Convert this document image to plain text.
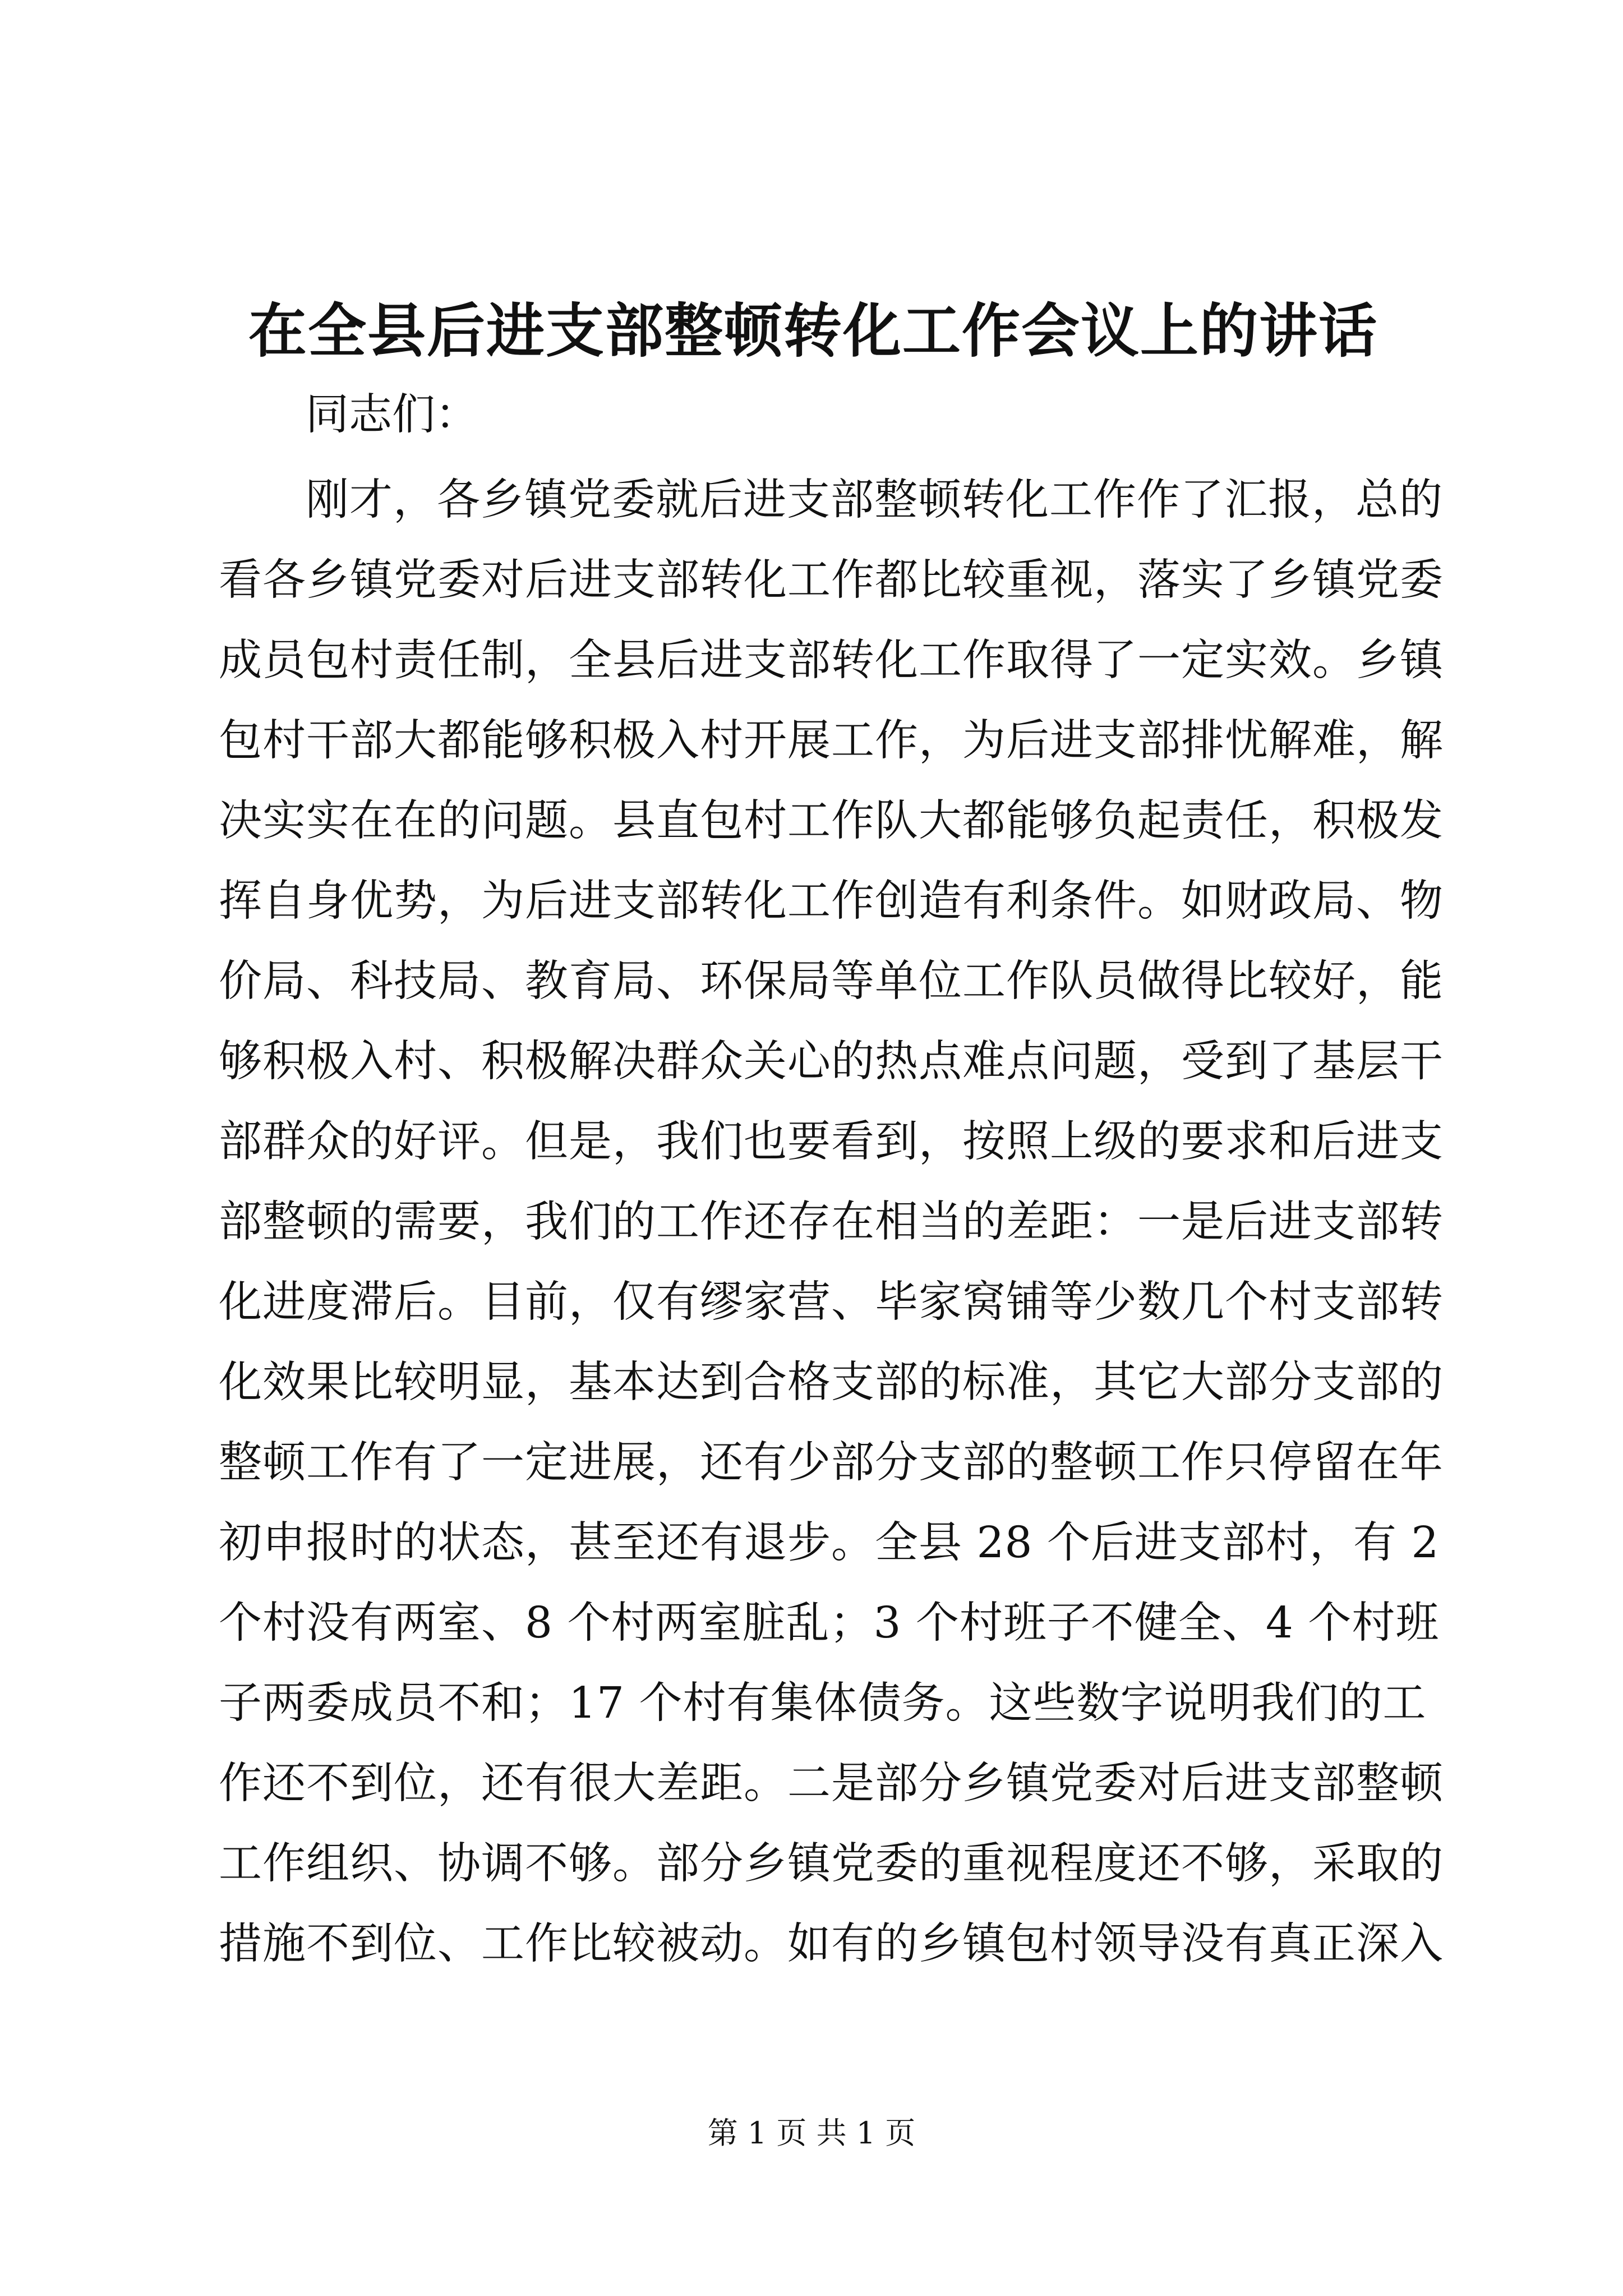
在全县后进支部整顿转化工作会议上的讲话
同志们：
刚才，各乡镇党委就后进支部整顿转化工作作了汇报，总的
看各乡镇党委对后进支部转化工作都比较重视，落实了乡镇党委
成员包村责任制，全县后进支部转化工作取得了一定实效。乡镇
包村干部大都能够积极入村开展工作，为后进支部排忧解难，解
决实实在在的问题。县直包村工作队大都能够负起责任，积极发
挥自身优势，为后进支部转化工作创造有利条件。如财政局、物
价局、科技局、教育局、环保局等单位工作队员做得比较好，能
够积极入村、积极解决群众关心的热点难点问题，受到了基层干
部群众的好评。但是，我们也要看到，按照上级的要求和后进支
部整顿的需要，我们的工作还存在相当的差距：一是后进支部转
化进度滞后。目前，仅有缪家营、毕家窝铺等少数几个村支部转
化效果比较明显，基本达到合格支部的标准，其它大部分支部的
整顿工作有了一定进展，还有少部分支部的整顿工作只停留在年
初申报时的状态，甚至还有退步。全县 28 个后进支部村，有 2
个村没有两室、8 个村两室脏乱；3 个村班子不健全、4 个村班
子两委成员不和；17 个村有集体债务。这些数字说明我们的工
作还不到位，还有很大差距。二是部分乡镇党委对后进支部整顿
工作组织、协调不够。部分乡镇党委的重视程度还不够，采取的
措施不到位、工作比较被动。如有的乡镇包村领导没有真正深入
第 1 页 共 1 页
